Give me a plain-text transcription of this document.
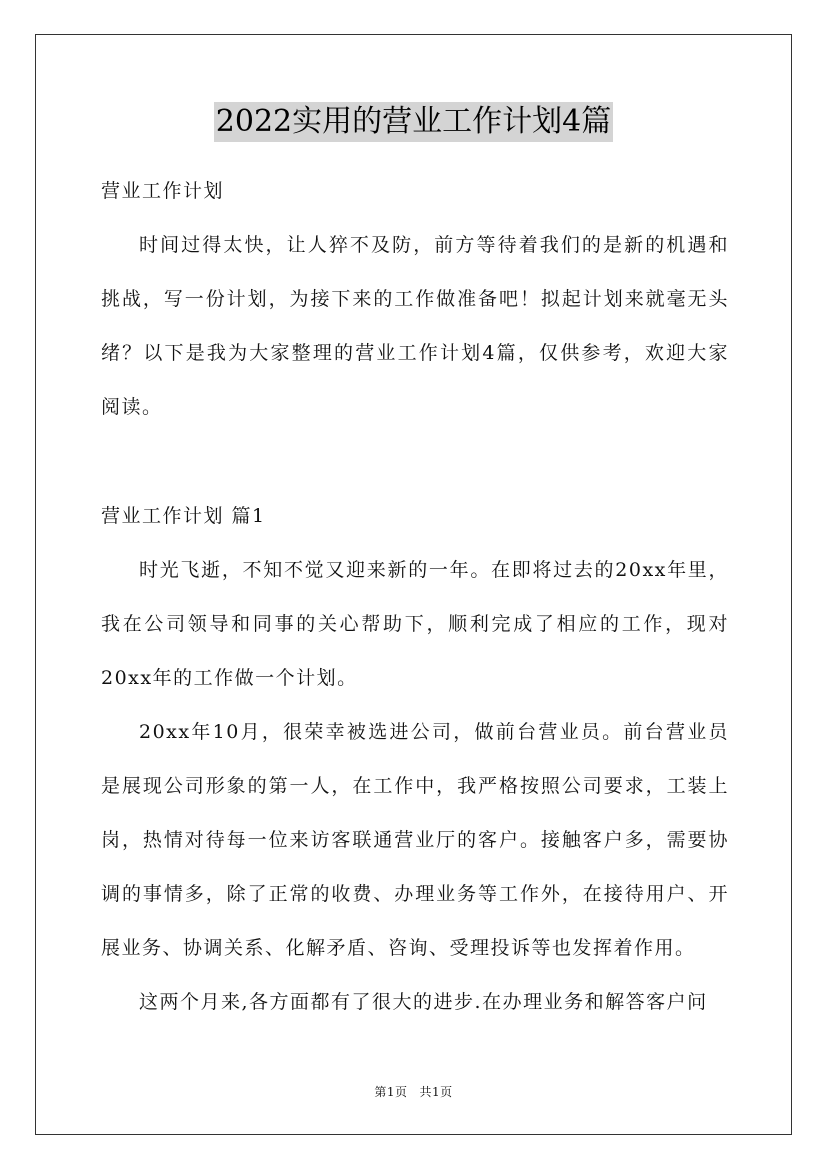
2022实用的营业工作计划4篇

营业工作计划

时间过得太快，让人猝不及防，前方等待着我们的是新的机遇和挑战，写一份计划，为接下来的工作做准备吧！拟起计划来就毫无头绪？以下是我为大家整理的营业工作计划4篇，仅供参考，欢迎大家阅读。

营业工作计划 篇1

时光飞逝，不知不觉又迎来新的一年。在即将过去的20xx年里，我在公司领导和同事的关心帮助下，顺利完成了相应的工作，现对20xx年的工作做一个计划。

20xx年10月，很荣幸被选进公司，做前台营业员。前台营业员是展现公司形象的第一人，在工作中，我严格按照公司要求，工装上岗，热情对待每一位来访客联通营业厅的客户。接触客户多，需要协调的事情多，除了正常的收费、办理业务等工作外，在接待用户、开展业务、协调关系、化解矛盾、咨询、受理投诉等也发挥着作用。

这两个月来,各方面都有了很大的进步.在办理业务和解答客户问

第1页 共1页
